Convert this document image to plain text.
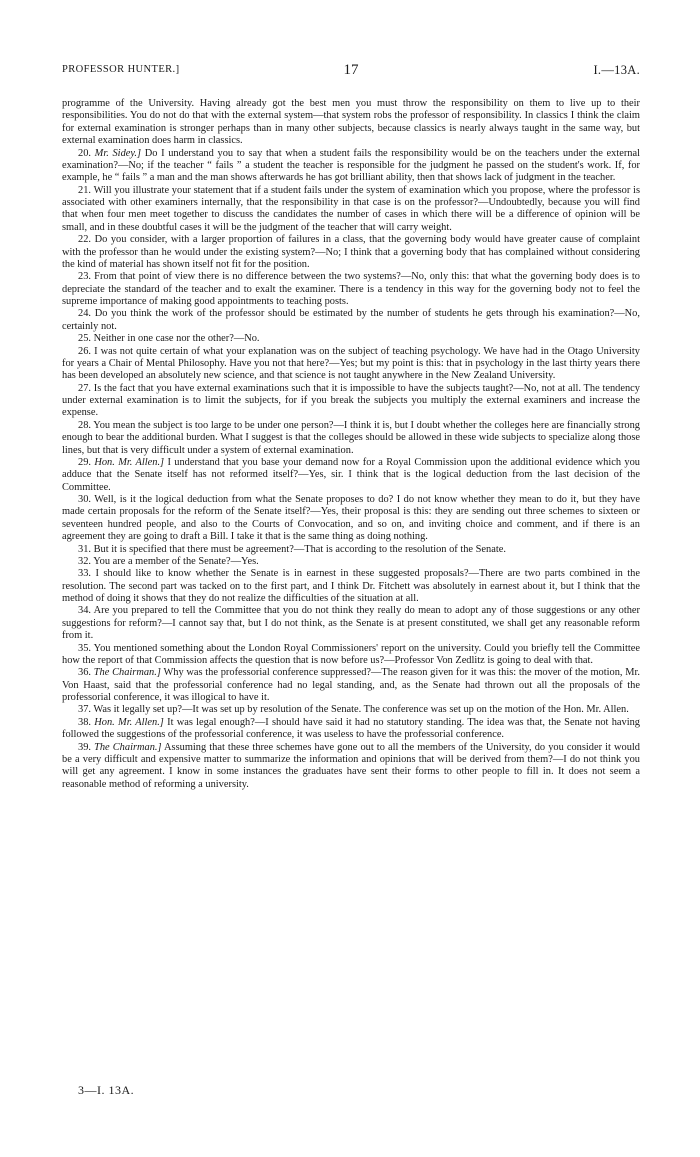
PROFESSOR HUNTER.]	17	I.—13A.

programme of the University. Having already got the best men you must throw the responsibility on them to live up to their responsibilities. You do not do that with the external system—that system robs the professor of responsibility. In classics I think the claim for external examination is stronger perhaps than in many other subjects, because classics is nearly always taught in the same way, but external examination does harm in classics.

20. Mr. Sidey.] Do I understand you to say that when a student fails the responsibility would be on the teachers under the external examination?—No; if the teacher “ fails ” a student the teacher is responsible for the judgment he passed on the student's work. If, for example, he “ fails ” a man and the man shows afterwards he has got brilliant ability, then that shows lack of judgment in the teacher.

21. Will you illustrate your statement that if a student fails under the system of examination which you propose, where the professor is associated with other examiners internally, that the responsibility in that case is on the professor?—Undoubtedly, because you will find that when four men meet together to discuss the candidates the number of cases in which there will be a difference of opinion will be small, and in these doubtful cases it will be the judgment of the teacher that will carry weight.

22. Do you consider, with a larger proportion of failures in a class, that the governing body would have greater cause of complaint with the professor than he would under the existing system?—No; I think that a governing body that has complained without considering the kind of material has shown itself not fit for the position.

23. From that point of view there is no difference between the two systems?—No, only this: that what the governing body does is to depreciate the standard of the teacher and to exalt the examiner. There is a tendency in this way for the governing body not to feel the supreme importance of making good appointments to teaching posts.

24. Do you think the work of the professor should be estimated by the number of students he gets through his examination?—No, certainly not.

25. Neither in one case nor the other?—No.

26. I was not quite certain of what your explanation was on the subject of teaching psychology. We have had in the Otago University for years a Chair of Mental Philosophy. Have you not that here?—Yes; but my point is this: that in psychology in the last thirty years there has been developed an absolutely new science, and that science is not taught anywhere in the New Zealand University.

27. Is the fact that you have external examinations such that it is impossible to have the subjects taught?—No, not at all. The tendency under external examination is to limit the subjects, for if you break the subjects you multiply the external examiners and increase the expense.

28. You mean the subject is too large to be under one person?—I think it is, but I doubt whether the colleges here are financially strong enough to bear the additional burden. What I suggest is that the colleges should be allowed in these wide subjects to specialize along those lines, but that is very difficult under a system of external examination.

29. Hon. Mr. Allen.] I understand that you base your demand now for a Royal Commission upon the additional evidence which you adduce that the Senate itself has not reformed itself?—Yes, sir. I think that is the logical deduction from the last decision of the Committee.

30. Well, is it the logical deduction from what the Senate proposes to do? I do not know whether they mean to do it, but they have made certain proposals for the reform of the Senate itself?—Yes, their proposal is this: they are sending out three schemes to sixteen or seventeen hundred people, and also to the Courts of Convocation, and so on, and inviting choice and comment, and if there is an agreement they are going to draft a Bill. I take it that is the same thing as doing nothing.

31. But it is specified that there must be agreement?—That is according to the resolution of the Senate.

32. You are a member of the Senate?—Yes.

33. I should like to know whether the Senate is in earnest in these suggested proposals?—There are two parts combined in the resolution. The second part was tacked on to the first part, and I think Dr. Fitchett was absolutely in earnest about it, but I think that the method of doing it shows that they do not realize the difficulties of the situation at all.

34. Are you prepared to tell the Committee that you do not think they really do mean to adopt any of those suggestions or any other suggestions for reform?—I cannot say that, but I do not think, as the Senate is at present constituted, we shall get any reasonable reform from it.

35. You mentioned something about the London Royal Commissioners' report on the university. Could you briefly tell the Committee how the report of that Commission affects the question that is now before us?—Professor Von Zedlitz is going to deal with that.

36. The Chairman.] Why was the professorial conference suppressed?—The reason given for it was this: the mover of the motion, Mr. Von Haast, said that the professorial conference had no legal standing, and, as the Senate had thrown out all the proposals of the professorial conference, it was illogical to have it.

37. Was it legally set up?—It was set up by resolution of the Senate. The conference was set up on the motion of the Hon. Mr. Allen.

38. Hon. Mr. Allen.] It was legal enough?—I should have said it had no statutory standing. The idea was that, the Senate not having followed the suggestions of the professorial conference, it was useless to have the professorial conference.

39. The Chairman.] Assuming that these three schemes have gone out to all the members of the University, do you consider it would be a very difficult and expensive matter to summarize the information and opinions that will be derived from them?—I do not think you will get any agreement. I know in some instances the graduates have sent their forms to other people to fill in. It does not seem a reasonable method of reforming a university.

3—I. 13A.
